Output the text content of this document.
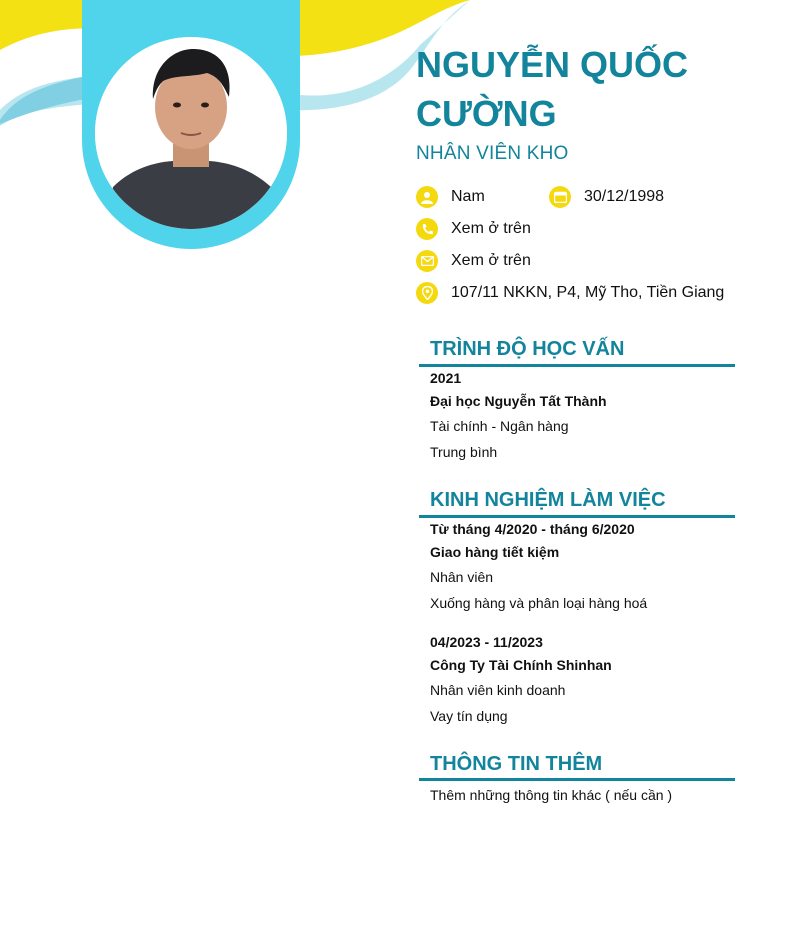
NGUYỄN QUỐC CƯỜNG
NHÂN VIÊN KHO
Nam	30/12/1998
Xem ở trên
Xem ở trên
107/11 NKKN, P4, Mỹ Tho, Tiền Giang
TRÌNH ĐỘ HỌC VẤN
2021
Đại học Nguyễn Tất Thành
Tài chính - Ngân hàng
Trung bình
KINH NGHIỆM LÀM VIỆC
Từ tháng 4/2020 - tháng 6/2020
Giao hàng tiết kiệm
Nhân viên
Xuống hàng và phân loại hàng hoá
04/2023 - 11/2023
Công Ty Tài Chính Shinhan
Nhân viên kinh doanh
Vay tín dụng
THÔNG TIN THÊM
Thêm những thông tin khác ( nếu cần )
